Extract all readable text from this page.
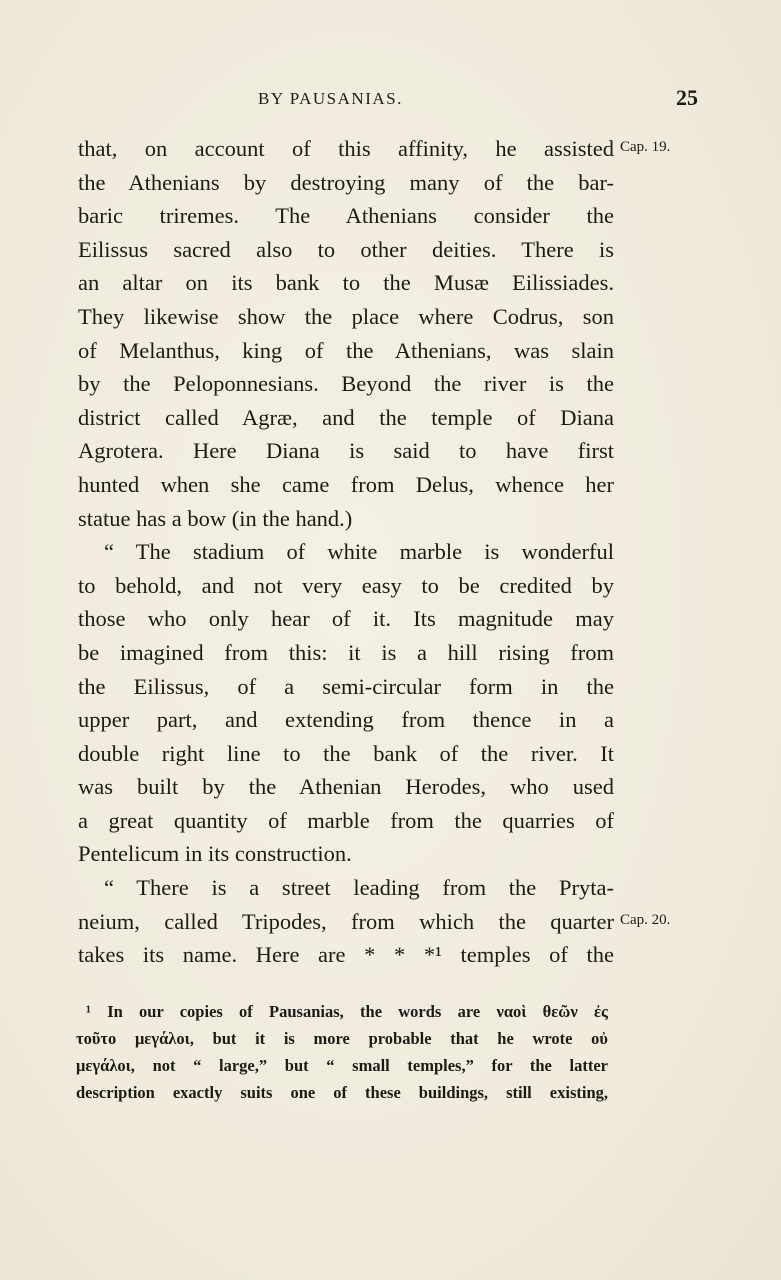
BY PAUSANIAS.	25
that, on account of this affinity, he assisted
the Athenians by destroying many of the bar-
baric triremes. The Athenians consider the
Eilissus sacred also to other deities. There is
an altar on its bank to the Musæ Eilissiades.
They likewise show the place where Codrus, son
of Melanthus, king of the Athenians, was slain
by the Peloponnesians. Beyond the river is the
district called Agræ, and the temple of Diana
Agrotera. Here Diana is said to have first
hunted when she came from Delus, whence her
statue has a bow (in the hand.)
“ The stadium of white marble is wonderful
to behold, and not very easy to be credited by
those who only hear of it. Its magnitude may
be imagined from this: it is a hill rising from
the Eilissus, of a semi-circular form in the
upper part, and extending from thence in a
double right line to the bank of the river. It
was built by the Athenian Herodes, who used
a great quantity of marble from the quarries of
Pentelicum in its construction.
“ There is a street leading from the Pryta-
neium, called Tripodes, from which the quarter
takes its name. Here are * * *¹ temples of the
Cap. 19.
Cap. 20.
¹ In our copies of Pausanias, the words are ναοὶ θεῶν ἐς
τοῦτο μεγάλοι, but it is more probable that he wrote οὐ
μεγάλοι, not “ large,” but “ small temples,” for the latter
description exactly suits one of these buildings, still existing,
